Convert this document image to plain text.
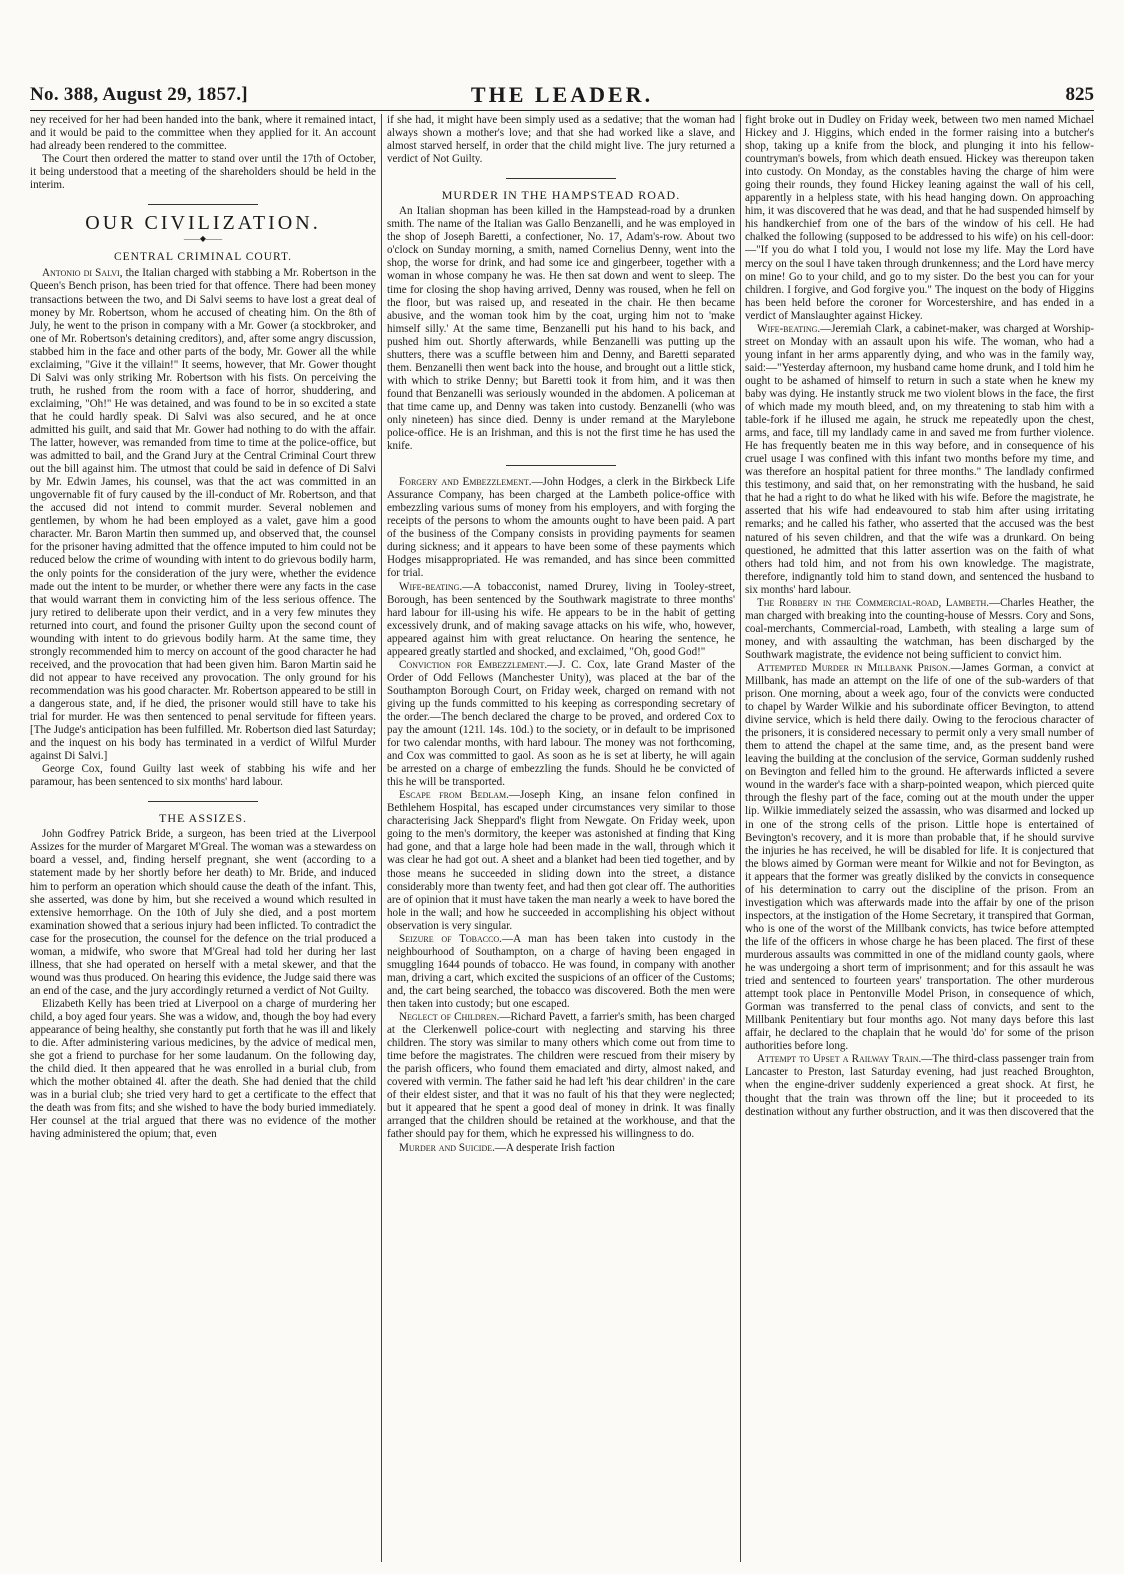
No. 388, August 29, 1857.]	THE LEADER.	825

ney received for her had been handed into the bank, where it remained intact, and it would be paid to the committee when they applied for it. An account had already been rendered to the committee.

The Court then ordered the matter to stand over until the 17th of October, it being understood that a meeting of the shareholders should be held in the interim.

OUR CIVILIZATION.
——◆——
CENTRAL CRIMINAL COURT.

Antonio di Salvi, the Italian charged with stabbing a Mr. Robertson in the Queen's Bench prison, has been tried for that offence. There had been money transactions between the two, and Di Salvi seems to have lost a great deal of money by Mr. Robertson, whom he accused of cheating him. On the 8th of July, he went to the prison in company with a Mr. Gower (a stockbroker, and one of Mr. Robertson's detaining creditors), and, after some angry discussion, stabbed him in the face and other parts of the body, Mr. Gower all the while exclaiming, "Give it the villain!" It seems, however, that Mr. Gower thought Di Salvi was only striking Mr. Robertson with his fists. On perceiving the truth, he rushed from the room with a face of horror, shuddering, and exclaiming, "Oh!" He was detained, and was found to be in so excited a state that he could hardly speak. Di Salvi was also secured, and he at once admitted his guilt, and said that Mr. Gower had nothing to do with the affair. The latter, however, was remanded from time to time at the police-office, but was admitted to bail, and the Grand Jury at the Central Criminal Court threw out the bill against him. The utmost that could be said in defence of Di Salvi by Mr. Edwin James, his counsel, was that the act was committed in an ungovernable fit of fury caused by the ill-conduct of Mr. Robertson, and that the accused did not intend to commit murder. Several noblemen and gentlemen, by whom he had been employed as a valet, gave him a good character. Mr. Baron Martin then summed up, and observed that, the counsel for the prisoner having admitted that the offence imputed to him could not be reduced below the crime of wounding with intent to do grievous bodily harm, the only points for the consideration of the jury were, whether the evidence made out the intent to be murder, or whether there were any facts in the case that would warrant them in convicting him of the less serious offence. The jury retired to deliberate upon their verdict, and in a very few minutes they returned into court, and found the prisoner Guilty upon the second count of wounding with intent to do grievous bodily harm. At the same time, they strongly recommended him to mercy on account of the good character he had received, and the provocation that had been given him. Baron Martin said he did not appear to have received any provocation. The only ground for his recommendation was his good character. Mr. Robertson appeared to be still in a dangerous state, and, if he died, the prisoner would still have to take his trial for murder. He was then sentenced to penal servitude for fifteen years. [The Judge's anticipation has been fulfilled. Mr. Robertson died last Saturday; and the inquest on his body has terminated in a verdict of Wilful Murder against Di Salvi.]

George Cox, found Guilty last week of stabbing his wife and her paramour, has been sentenced to six months' hard labour.

THE ASSIZES.

John Godfrey Patrick Bride, a surgeon, has been tried at the Liverpool Assizes for the murder of Margaret M'Greal. The woman was a stewardess on board a vessel, and, finding herself pregnant, she went (according to a statement made by her shortly before her death) to Mr. Bride, and induced him to perform an operation which should cause the death of the infant. This, she asserted, was done by him, but she received a wound which resulted in extensive hemorrhage. On the 10th of July she died, and a post mortem examination showed that a serious injury had been inflicted. To contradict the case for the prosecution, the counsel for the defence on the trial produced a woman, a midwife, who swore that M'Greal had told her during her last illness, that she had operated on herself with a metal skewer, and that the wound was thus produced. On hearing this evidence, the Judge said there was an end of the case, and the jury accordingly returned a verdict of Not Guilty.

Elizabeth Kelly has been tried at Liverpool on a charge of murdering her child, a boy aged four years. She was a widow, and, though the boy had every appearance of being healthy, she constantly put forth that he was ill and likely to die. After administering various medicines, by the advice of medical men, she got a friend to purchase for her some laudanum. On the following day, the child died. It then appeared that he was enrolled in a burial club, from which the mother obtained 4l. after the death. She had denied that the child was in a burial club; she tried very hard to get a certificate to the effect that the death was from fits; and she wished to have the body buried immediately. Her counsel at the trial argued that there was no evidence of the mother having administered the opium; that, even

if she had, it might have been simply used as a sedative; that the woman had always shown a mother's love; and that she had worked like a slave, and almost starved herself, in order that the child might live. The jury returned a verdict of Not Guilty.

MURDER IN THE HAMPSTEAD ROAD.

An Italian shopman has been killed in the Hampstead-road by a drunken smith. The name of the Italian was Gallo Benzanelli, and he was employed in the shop of Joseph Baretti, a confectioner, No. 17, Adam's-row. About two o'clock on Sunday morning, a smith, named Cornelius Denny, went into the shop, the worse for drink, and had some ice and gingerbeer, together with a woman in whose company he was. He then sat down and went to sleep. The time for closing the shop having arrived, Denny was roused, when he fell on the floor, but was raised up, and reseated in the chair. He then became abusive, and the woman took him by the coat, urging him not to 'make himself silly.' At the same time, Benzanelli put his hand to his back, and pushed him out. Shortly afterwards, while Benzanelli was putting up the shutters, there was a scuffle between him and Denny, and Baretti separated them. Benzanelli then went back into the house, and brought out a little stick, with which to strike Denny; but Baretti took it from him, and it was then found that Benzanelli was seriously wounded in the abdomen. A policeman at that time came up, and Denny was taken into custody. Benzanelli (who was only nineteen) has since died. Denny is under remand at the Marylebone police-office. He is an Irishman, and this is not the first time he has used the knife.

Forgery and Embezzlement.—John Hodges, a clerk in the Birkbeck Life Assurance Company, has been charged at the Lambeth police-office with embezzling various sums of money from his employers, and with forging the receipts of the persons to whom the amounts ought to have been paid. A part of the business of the Company consists in providing payments for seamen during sickness; and it appears to have been some of these payments which Hodges misappropriated. He was remanded, and has since been committed for trial.

Wife-beating.—A tobacconist, named Drurey, living in Tooley-street, Borough, has been sentenced by the Southwark magistrate to three months' hard labour for ill-using his wife. He appears to be in the habit of getting excessively drunk, and of making savage attacks on his wife, who, however, appeared against him with great reluctance. On hearing the sentence, he appeared greatly startled and shocked, and exclaimed, "Oh, good God!"

Conviction for Embezzlement.—J. C. Cox, late Grand Master of the Order of Odd Fellows (Manchester Unity), was placed at the bar of the Southampton Borough Court, on Friday week, charged on remand with not giving up the funds committed to his keeping as corresponding secretary of the order.—The bench declared the charge to be proved, and ordered Cox to pay the amount (121l. 14s. 10d.) to the society, or in default to be imprisoned for two calendar months, with hard labour. The money was not forthcoming, and Cox was committed to gaol. As soon as he is set at liberty, he will again be arrested on a charge of embezzling the funds. Should he be convicted of this he will be transported.

Escape from Bedlam.—Joseph King, an insane felon confined in Bethlehem Hospital, has escaped under circumstances very similar to those characterising Jack Sheppard's flight from Newgate. On Friday week, upon going to the men's dormitory, the keeper was astonished at finding that King had gone, and that a large hole had been made in the wall, through which it was clear he had got out. A sheet and a blanket had been tied together, and by those means he succeeded in sliding down into the street, a distance considerably more than twenty feet, and had then got clear off. The authorities are of opinion that it must have taken the man nearly a week to have bored the hole in the wall; and how he succeeded in accomplishing his object without observation is very singular.

Seizure of Tobacco.—A man has been taken into custody in the neighbourhood of Southampton, on a charge of having been engaged in smuggling 1644 pounds of tobacco. He was found, in company with another man, driving a cart, which excited the suspicions of an officer of the Customs; and, the cart being searched, the tobacco was discovered. Both the men were then taken into custody; but one escaped.

Neglect of Children.—Richard Pavett, a farrier's smith, has been charged at the Clerkenwell police-court with neglecting and starving his three children. The story was similar to many others which come out from time to time before the magistrates. The children were rescued from their misery by the parish officers, who found them emaciated and dirty, almost naked, and covered with vermin. The father said he had left 'his dear children' in the care of their eldest sister, and that it was no fault of his that they were neglected; but it appeared that he spent a good deal of money in drink. It was finally arranged that the children should be retained at the workhouse, and that the father should pay for them, which he expressed his willingness to do.

Murder and Suicide.—A desperate Irish faction

fight broke out in Dudley on Friday week, between two men named Michael Hickey and J. Higgins, which ended in the former raising into a butcher's shop, taking up a knife from the block, and plunging it into his fellow-countryman's bowels, from which death ensued. Hickey was thereupon taken into custody. On Monday, as the constables having the charge of him were going their rounds, they found Hickey leaning against the wall of his cell, apparently in a helpless state, with his head hanging down. On approaching him, it was discovered that he was dead, and that he had suspended himself by his handkerchief from one of the bars of the window of his cell. He had chalked the following (supposed to be addressed to his wife) on his cell-door:—"If you do what I told you, I would not lose my life. May the Lord have mercy on the soul I have taken through drunkenness; and the Lord have mercy on mine! Go to your child, and go to my sister. Do the best you can for your children. I forgive, and God forgive you." The inquest on the body of Higgins has been held before the coroner for Worcestershire, and has ended in a verdict of Manslaughter against Hickey.

Wife-beating.—Jeremiah Clark, a cabinet-maker, was charged at Worship-street on Monday with an assault upon his wife. The woman, who had a young infant in her arms apparently dying, and who was in the family way, said:—"Yesterday afternoon, my husband came home drunk, and I told him he ought to be ashamed of himself to return in such a state when he knew my baby was dying. He instantly struck me two violent blows in the face, the first of which made my mouth bleed, and, on my threatening to stab him with a table-fork if he illused me again, he struck me repeatedly upon the chest, arms, and face, till my landlady came in and saved me from further violence. He has frequently beaten me in this way before, and in consequence of his cruel usage I was confined with this infant two months before my time, and was therefore an hospital patient for three months." The landlady confirmed this testimony, and said that, on her remonstrating with the husband, he said that he had a right to do what he liked with his wife. Before the magistrate, he asserted that his wife had endeavoured to stab him after using irritating remarks; and he called his father, who asserted that the accused was the best natured of his seven children, and that the wife was a drunkard. On being questioned, he admitted that this latter assertion was on the faith of what others had told him, and not from his own knowledge. The magistrate, therefore, indignantly told him to stand down, and sentenced the husband to six months' hard labour.

The Robbery in the Commercial-road, Lambeth.—Charles Heather, the man charged with breaking into the counting-house of Messrs. Cory and Sons, coal-merchants, Commercial-road, Lambeth, with stealing a large sum of money, and with assaulting the watchman, has been discharged by the Southwark magistrate, the evidence not being sufficient to convict him.

Attempted Murder in Millbank Prison.—James Gorman, a convict at Millbank, has made an attempt on the life of one of the sub-warders of that prison. One morning, about a week ago, four of the convicts were conducted to chapel by Warder Wilkie and his subordinate officer Bevington, to attend divine service, which is held there daily. Owing to the ferocious character of the prisoners, it is considered necessary to permit only a very small number of them to attend the chapel at the same time, and, as the present band were leaving the building at the conclusion of the service, Gorman suddenly rushed on Bevington and felled him to the ground. He afterwards inflicted a severe wound in the warder's face with a sharp-pointed weapon, which pierced quite through the fleshy part of the face, coming out at the mouth under the upper lip. Wilkie immediately seized the assassin, who was disarmed and locked up in one of the strong cells of the prison. Little hope is entertained of Bevington's recovery, and it is more than probable that, if he should survive the injuries he has received, he will be disabled for life. It is conjectured that the blows aimed by Gorman were meant for Wilkie and not for Bevington, as it appears that the former was greatly disliked by the convicts in consequence of his determination to carry out the discipline of the prison. From an investigation which was afterwards made into the affair by one of the prison inspectors, at the instigation of the Home Secretary, it transpired that Gorman, who is one of the worst of the Millbank convicts, has twice before attempted the life of the officers in whose charge he has been placed. The first of these murderous assaults was committed in one of the midland county gaols, where he was undergoing a short term of imprisonment; and for this assault he was tried and sentenced to fourteen years' transportation. The other murderous attempt took place in Pentonville Model Prison, in consequence of which, Gorman was transferred to the penal class of convicts, and sent to the Millbank Penitentiary but four months ago. Not many days before this last affair, he declared to the chaplain that he would 'do' for some of the prison authorities before long.

Attempt to Upset a Railway Train.—The third-class passenger train from Lancaster to Preston, last Saturday evening, had just reached Broughton, when the engine-driver suddenly experienced a great shock. At first, he thought that the train was thrown off the line; but it proceeded to its destination without any further obstruction, and it was then discovered that the
